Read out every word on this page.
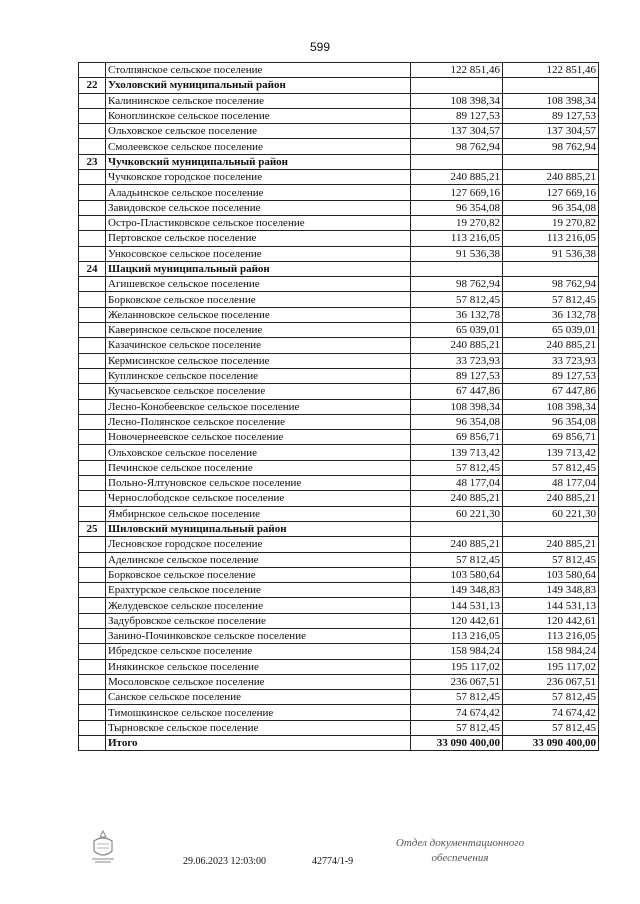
599
	Столпянское сельское поселение	122 851,46	122 851,46
22	Ухоловский муниципальный район		
	Калининское сельское поселение	108 398,34	108 398,34
	Коноплинское сельское поселение	89 127,53	89 127,53
	Ольховское сельское поселение	137 304,57	137 304,57
	Смолеевское сельское поселение	98 762,94	98 762,94
23	Чучковский муниципальный район		
	Чучковское городское поселение	240 885,21	240 885,21
	Аладьинское сельское поселение	127 669,16	127 669,16
	Завидовское сельское поселение	96 354,08	96 354,08
	Остро-Пластиковское сельское поселение	19 270,82	19 270,82
	Пертовское сельское поселение	113 216,05	113 216,05
	Ункосовское сельское поселение	91 536,38	91 536,38
24	Шацкий муниципальный район		
	Агишевское сельское поселение	98 762,94	98 762,94
	Борковское сельское поселение	57 812,45	57 812,45
	Желанновское сельское поселение	36 132,78	36 132,78
	Каверинское сельское поселение	65 039,01	65 039,01
	Казачинское сельское поселение	240 885,21	240 885,21
	Кермисинское сельское поселение	33 723,93	33 723,93
	Куплинское сельское поселение	89 127,53	89 127,53
	Кучасьевское сельское поселение	67 447,86	67 447,86
	Лесно-Конобеевское сельское поселение	108 398,34	108 398,34
	Лесно-Полянское сельское поселение	96 354,08	96 354,08
	Новочернеевское сельское поселение	69 856,71	69 856,71
	Ольховское сельское поселение	139 713,42	139 713,42
	Печинское сельское поселение	57 812,45	57 812,45
	Польно-Ялтуновское сельское поселение	48 177,04	48 177,04
	Чернослободское сельское поселение	240 885,21	240 885,21
	Ямбирнское сельское поселение	60 221,30	60 221,30
25	Шиловский муниципальный район		
	Лесновское городское поселение	240 885,21	240 885,21
	Аделинское сельское поселение	57 812,45	57 812,45
	Борковское сельское поселение	103 580,64	103 580,64
	Ерахтурское сельское поселение	149 348,83	149 348,83
	Желудевское сельское поселение	144 531,13	144 531,13
	Задубровское сельское поселение	120 442,61	120 442,61
	Занино-Починковское сельское поселение	113 216,05	113 216,05
	Ибредское сельское поселение	158 984,24	158 984,24
	Инякинское сельское поселение	195 117,02	195 117,02
	Мосоловское сельское поселение	236 067,51	236 067,51
	Санское сельское поселение	57 812,45	57 812,45
	Тимошкинское сельское поселение	74 674,42	74 674,42
	Тырновское сельское поселение	57 812,45	57 812,45
	Итого	33 090 400,00	33 090 400,00
29.06.2023 12:03:00	42774/1-9
Отдел документационного
обеспечения
